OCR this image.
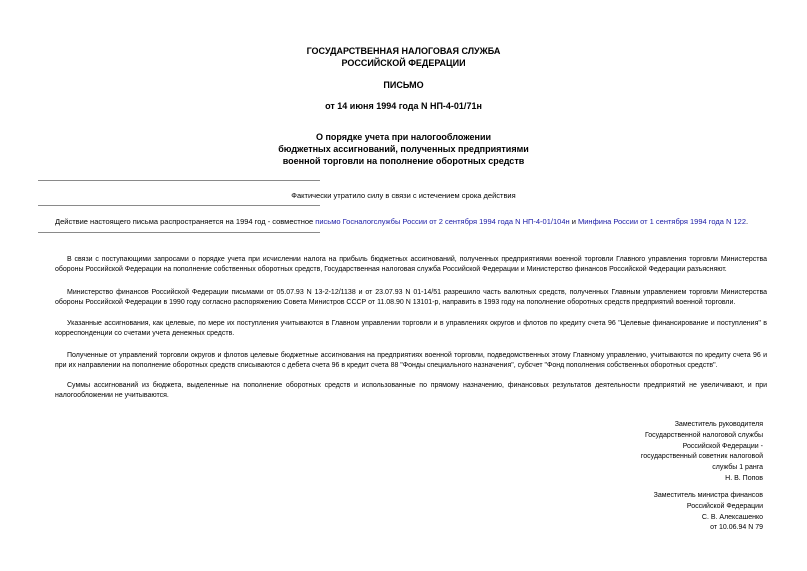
ГОСУДАРСТВЕННАЯ НАЛОГОВАЯ СЛУЖБА
РОССИЙСКОЙ ФЕДЕРАЦИИ
ПИСЬМО
от 14 июня 1994 года N НП-4-01/71н
О порядке учета при налогообложении
бюджетных ассигнований, полученных предприятиями
военной торговли на пополнение оборотных средств
Фактически утратило силу в связи с истечением срока действия
Действие настоящего письма распространяется на 1994 год - совместное письмо Госналогслужбы России от 2 сентября 1994 года N НП-4-01/104н и Минфина России от 1 сентября 1994 года N 122.
В связи с поступающими запросами о порядке учета при исчислении налога на прибыль бюджетных ассигнований, полученных предприятиями военной торговли Главного управления торговли Министерства обороны Российской Федерации на пополнение собственных оборотных средств, Государственная налоговая служба Российской Федерации и Министерство финансов Российской Федерации разъясняют.
Министерство финансов Российской Федерации письмами от 05.07.93 N 13-2-12/1138 и от 23.07.93 N 01-14/51 разрешило часть валютных средств, полученных Главным управлением торговли Министерства обороны Российской Федерации в 1990 году согласно распоряжению Совета Министров СССР от 11.08.90 N 13101-р, направить в 1993 году на пополнение оборотных средств предприятий военной торговли.
Указанные ассигнования, как целевые, по мере их поступления учитываются в Главном управлении торговли и в управлениях округов и флотов по кредиту счета 96 "Целевые финансирование и поступления" в корреспонденции со счетами учета денежных средств.
Полученные от управлений торговли округов и флотов целевые бюджетные ассигнования на предприятиях военной торговли, подведомственных этому Главному управлению, учитываются по кредиту счета 96 и при их направлении на пополнение оборотных средств списываются с дебета счета 96 в кредит счета 88 "Фонды специального назначения", субсчет "Фонд пополнения собственных оборотных средств".
Суммы ассигнований из бюджета, выделенные на пополнение оборотных средств и использованные по прямому назначению, финансовых результатов деятельности предприятий не увеличивают, и при налогообложении не учитываются.
Заместитель руководителя
Государственной налоговой службы
Российской Федерации -
государственный советник налоговой
службы 1 ранга
Н. В. Попов
Заместитель министра финансов
Российской Федерации
С. В. Алексашенко
от 10.06.94 N 79
